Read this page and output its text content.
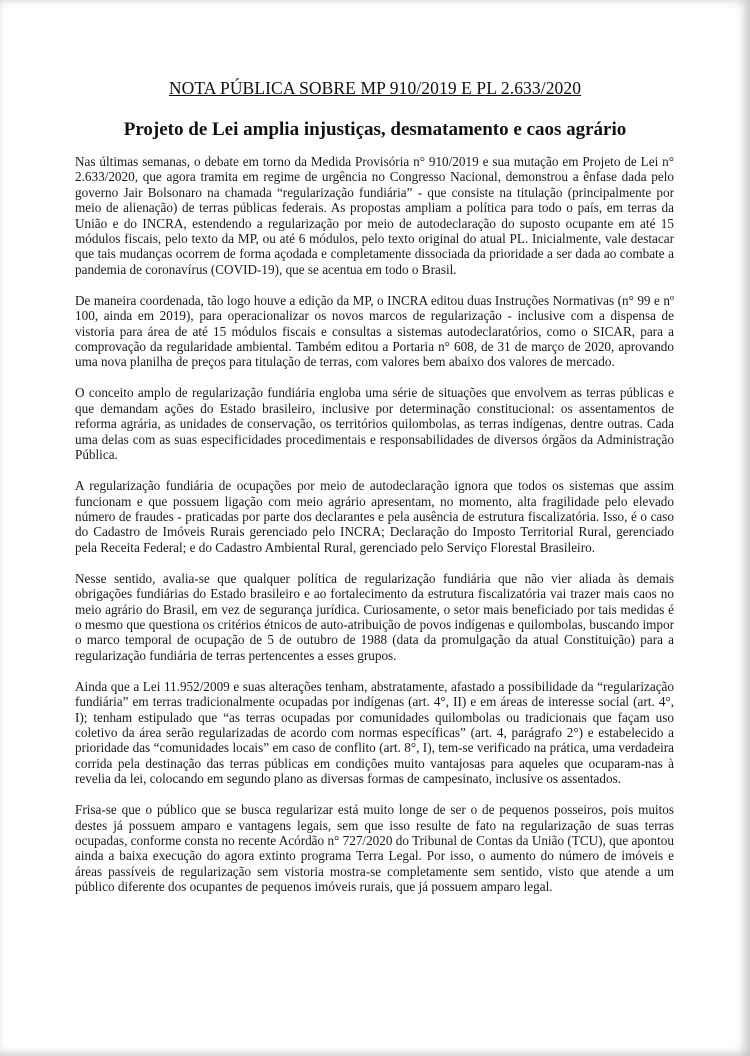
NOTA PÚBLICA SOBRE MP 910/2019 E PL 2.633/2020
Projeto de Lei amplia injustiças, desmatamento e caos agrário

Nas últimas semanas, o debate em torno da Medida Provisória n° 910/2019 e sua mutação em Projeto de Lei n° 2.633/2020, que agora tramita em regime de urgência no Congresso Nacional, demonstrou a ênfase dada pelo governo Jair Bolsonaro na chamada “regularização fundiária” - que consiste na titulação (principalmente por meio de alienação) de terras públicas federais. As propostas ampliam a política para todo o país, em terras da União e do INCRA, estendendo a regularização por meio de autodeclaração do suposto ocupante em até 15 módulos fiscais, pelo texto da MP, ou até 6 módulos, pelo texto original do atual PL. Inicialmente, vale destacar que tais mudanças ocorrem de forma açodada e completamente dissociada da prioridade a ser dada ao combate a pandemia de coronavírus (COVID-19), que se acentua em todo o Brasil.

De maneira coordenada, tão logo houve a edição da MP, o INCRA editou duas Instruções Normativas (n° 99 e nº 100, ainda em 2019), para operacionalizar os novos marcos de regularização - inclusive com a dispensa de vistoria para área de até 15 módulos fiscais e consultas a sistemas autodeclaratórios, como o SICAR, para a comprovação da regularidade ambiental. Também editou a Portaria n° 608, de 31 de março de 2020, aprovando uma nova planilha de preços para titulação de terras, com valores bem abaixo dos valores de mercado.

O conceito amplo de regularização fundiária engloba uma série de situações que envolvem as terras públicas e que demandam ações do Estado brasileiro, inclusive por determinação constitucional: os assentamentos de reforma agrária, as unidades de conservação, os territórios quilombolas, as terras indígenas, dentre outras. Cada uma delas com as suas especificidades procedimentais e responsabilidades de diversos órgãos da Administração Pública.

A regularização fundiária de ocupações por meio de autodeclaração ignora que todos os sistemas que assim funcionam e que possuem ligação com meio agrário apresentam, no momento, alta fragilidade pelo elevado número de fraudes - praticadas por parte dos declarantes e pela ausência de estrutura fiscalizatória. Isso, é o caso do Cadastro de Imóveis Rurais gerenciado pelo INCRA; Declaração do Imposto Territorial Rural, gerenciado pela Receita Federal; e do Cadastro Ambiental Rural, gerenciado pelo Serviço Florestal Brasileiro.

Nesse sentido, avalia-se que qualquer política de regularização fundiária que não vier aliada às demais obrigações fundiárias do Estado brasileiro e ao fortalecimento da estrutura fiscalizatória vai trazer mais caos no meio agrário do Brasil, em vez de segurança jurídica. Curiosamente, o setor mais beneficiado por tais medidas é o mesmo que questiona os critérios étnicos de auto-atribuição de povos indígenas e quilombolas, buscando impor o marco temporal de ocupação de 5 de outubro de 1988 (data da promulgação da atual Constituição) para a regularização fundiária de terras pertencentes a esses grupos.

Ainda que a Lei 11.952/2009 e suas alterações tenham, abstratamente, afastado a possibilidade da “regularização fundiária” em terras tradicionalmente ocupadas por indígenas (art. 4°, II) e em áreas de interesse social (art. 4°, I); tenham estipulado que “as terras ocupadas por comunidades quilombolas ou tradicionais que façam uso coletivo da área serão regularizadas de acordo com normas específicas” (art. 4, parágrafo 2°) e estabelecido a prioridade das “comunidades locais” em caso de conflito (art. 8°, I), tem-se verificado na prática, uma verdadeira corrida pela destinação das terras públicas em condições muito vantajosas para aqueles que ocuparam-nas à revelia da lei, colocando em segundo plano as diversas formas de campesinato, inclusive os assentados.

Frisa-se que o público que se busca regularizar está muito longe de ser o de pequenos posseiros, pois muitos destes já possuem amparo e vantagens legais, sem que isso resulte de fato na regularização de suas terras ocupadas, conforme consta no recente Acórdão n° 727/2020 do Tribunal de Contas da União (TCU), que apontou ainda a baixa execução do agora extinto programa Terra Legal. Por isso, o aumento do número de imóveis e áreas passíveis de regularização sem vistoria mostra-se completamente sem sentido, visto que atende a um público diferente dos ocupantes de pequenos imóveis rurais, que já possuem amparo legal.
